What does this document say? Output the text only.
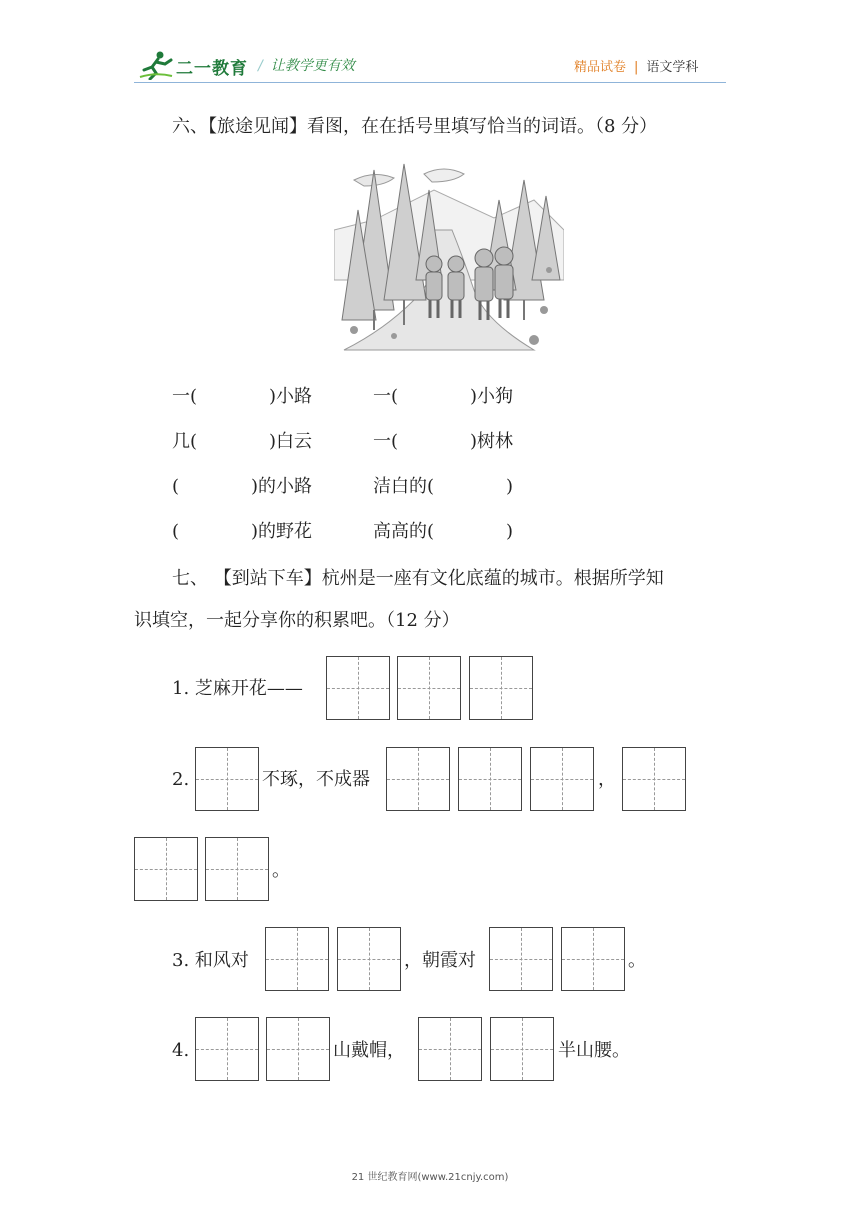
二一教育 / 让教学更有效	精品试卷 | 语文学科
六、【旅途见闻】看图，在在括号里填写恰当的词语。（8 分）
一(　　　　)小路	一(　　　　)小狗
几(　　　　)白云	一(　　　　)树林
(　　　　)的小路	洁白的(　　　　)
(　　　　)的野花	高高的(　　　　)
七、 【到站下车】杭州是一座有文化底蕴的城市。根据所学知
识填空，一起分享你的积累吧。（12 分）
1. 芝麻开花——
2.	不琢，不成器	，
。
3. 和风对	，朝霞对	。
4.	山戴帽，	半山腰。
21 世纪教育网(www.21cnjy.com)
